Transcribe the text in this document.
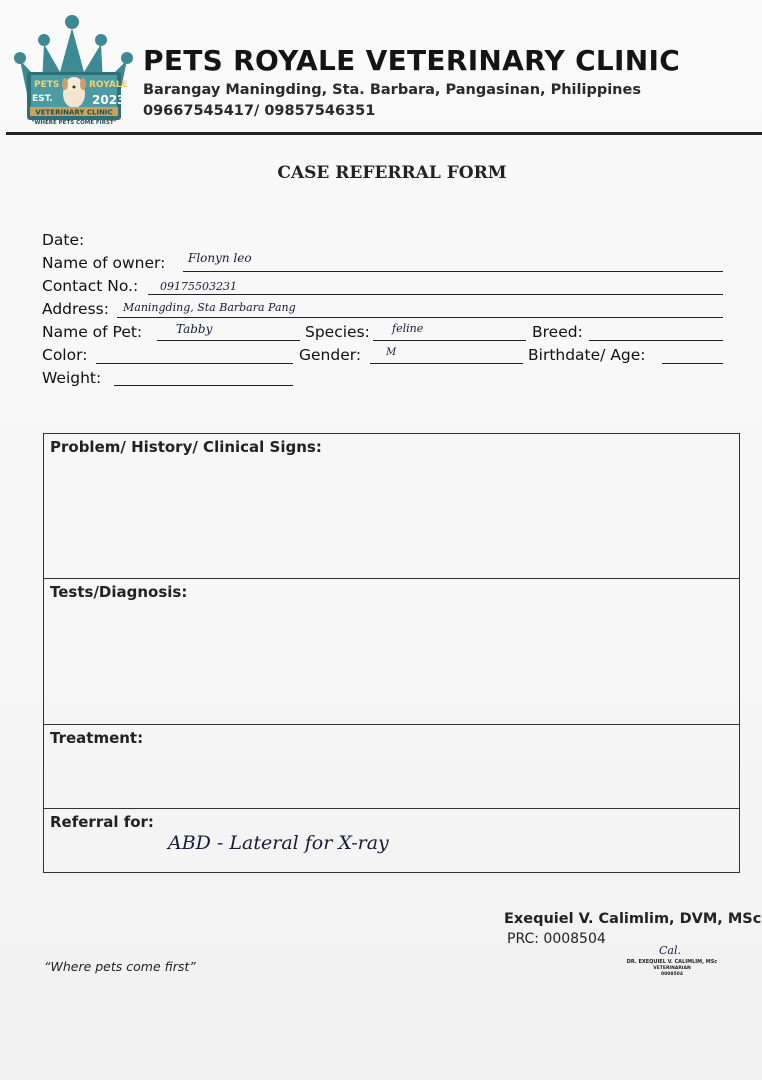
PETS	ROYALE
EST.	2023
VETERINARY CLINIC
"WHERE PETS COME FIRST"
PETS ROYALE VETERINARY CLINIC
Barangay Maningding, Sta. Barbara, Pangasinan, Philippines
09667545417/ 09857546351
CASE REFERRAL FORM
Date:
Name of owner: Flonyn leo
Contact No.: 09175503231
Address: Maningding, Sta Barbara Pang
Name of Pet:	Tabby	Species: feline	Breed:
Color:	Gender: M	Birthdate/ Age:
Weight:
Problem/ History/ Clinical Signs:
Tests/Diagnosis:
Treatment:
Referral for:
ABD - Lateral for X-ray
Exequiel V. Calimlim, DVM, MSc
PRC: 0008504
Cal.
DR. EXEQUIEL V. CALIMLIM, MSc
VETERINARIAN
0008504
“Where pets come first”
